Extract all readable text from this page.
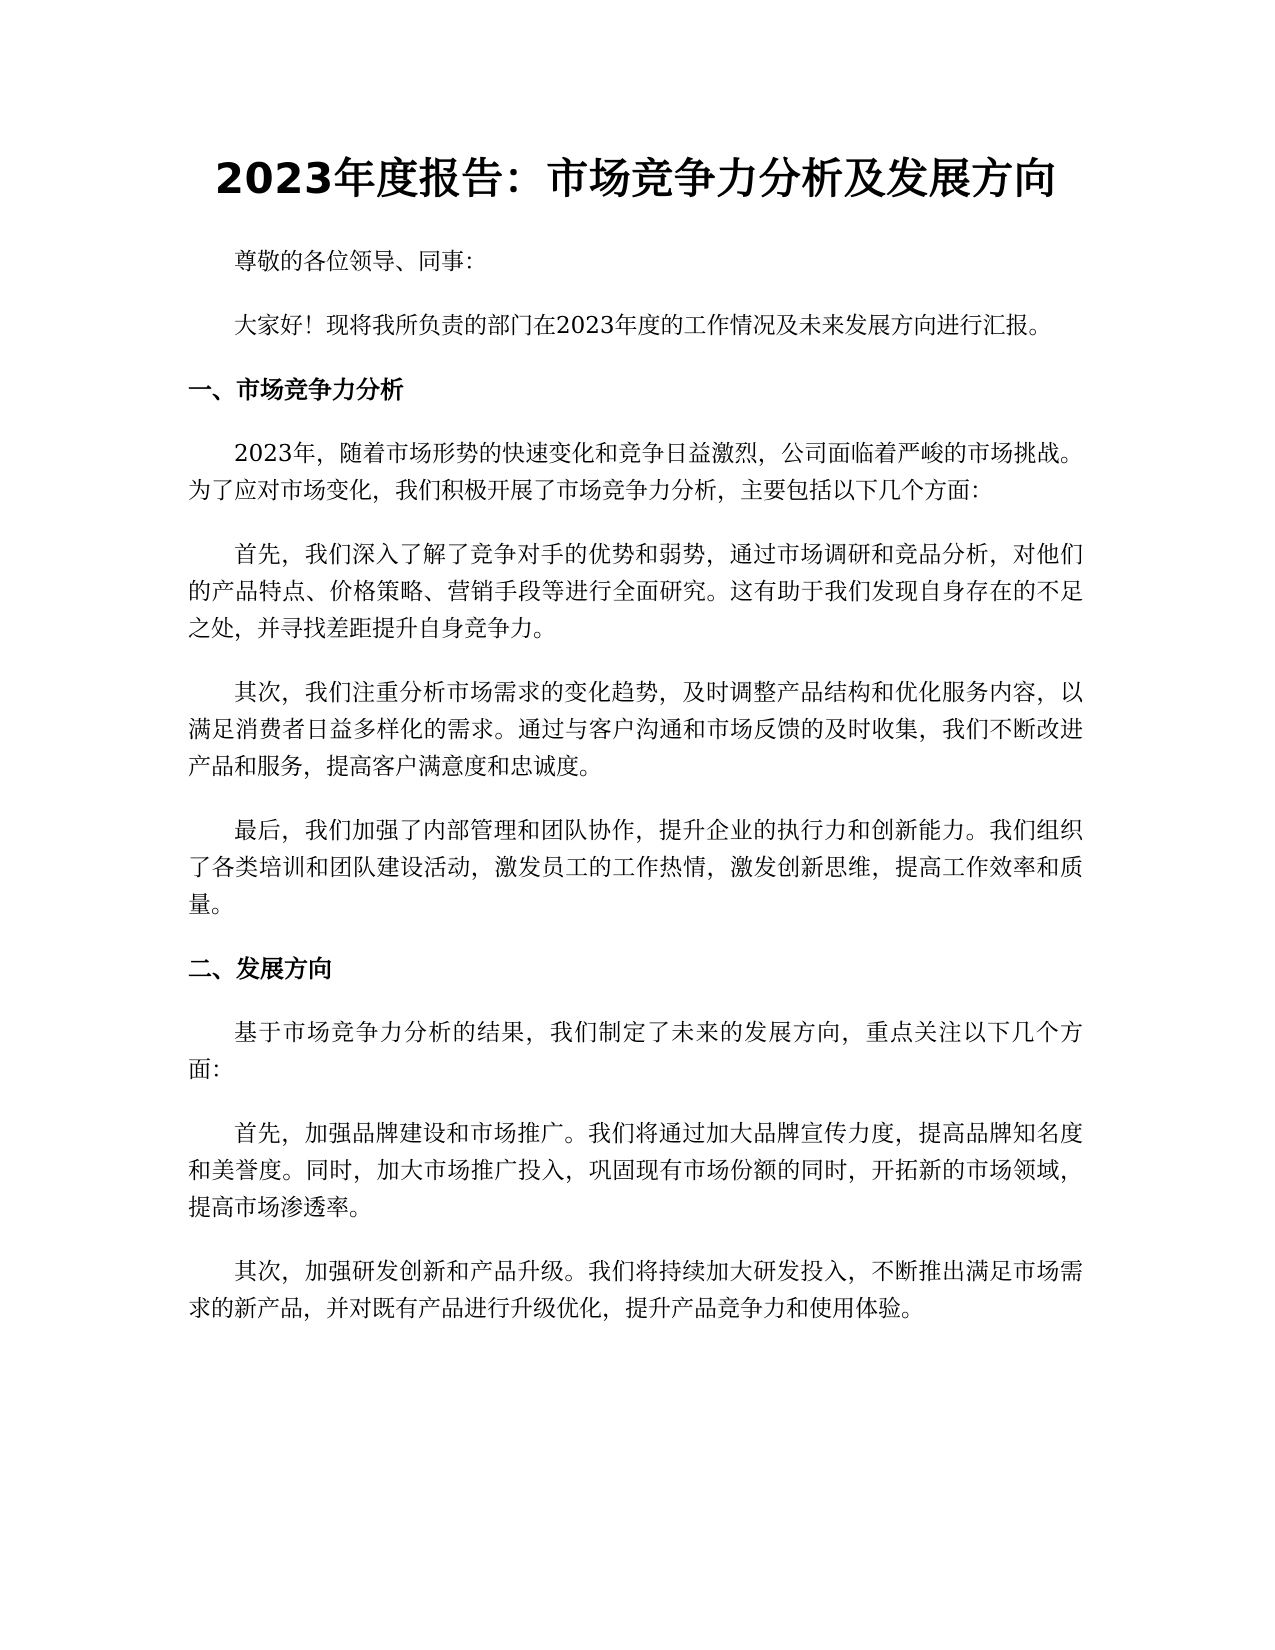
2023年度报告：市场竞争力分析及发展方向

尊敬的各位领导、同事：

大家好！现将我所负责的部门在2023年度的工作情况及未来发展方向进行汇报。

一、市场竞争力分析

2023年，随着市场形势的快速变化和竞争日益激烈，公司面临着严峻的市场挑战。为了应对市场变化，我们积极开展了市场竞争力分析，主要包括以下几个方面：

首先，我们深入了解了竞争对手的优势和弱势，通过市场调研和竞品分析，对他们的产品特点、价格策略、营销手段等进行全面研究。这有助于我们发现自身存在的不足之处，并寻找差距提升自身竞争力。

其次，我们注重分析市场需求的变化趋势，及时调整产品结构和优化服务内容，以满足消费者日益多样化的需求。通过与客户沟通和市场反馈的及时收集，我们不断改进产品和服务，提高客户满意度和忠诚度。

最后，我们加强了内部管理和团队协作，提升企业的执行力和创新能力。我们组织了各类培训和团队建设活动，激发员工的工作热情，激发创新思维，提高工作效率和质量。

二、发展方向

基于市场竞争力分析的结果，我们制定了未来的发展方向，重点关注以下几个方面：

首先，加强品牌建设和市场推广。我们将通过加大品牌宣传力度，提高品牌知名度和美誉度。同时，加大市场推广投入，巩固现有市场份额的同时，开拓新的市场领域，提高市场渗透率。

其次，加强研发创新和产品升级。我们将持续加大研发投入，不断推出满足市场需求的新产品，并对既有产品进行升级优化，提升产品竞争力和使用体验。
